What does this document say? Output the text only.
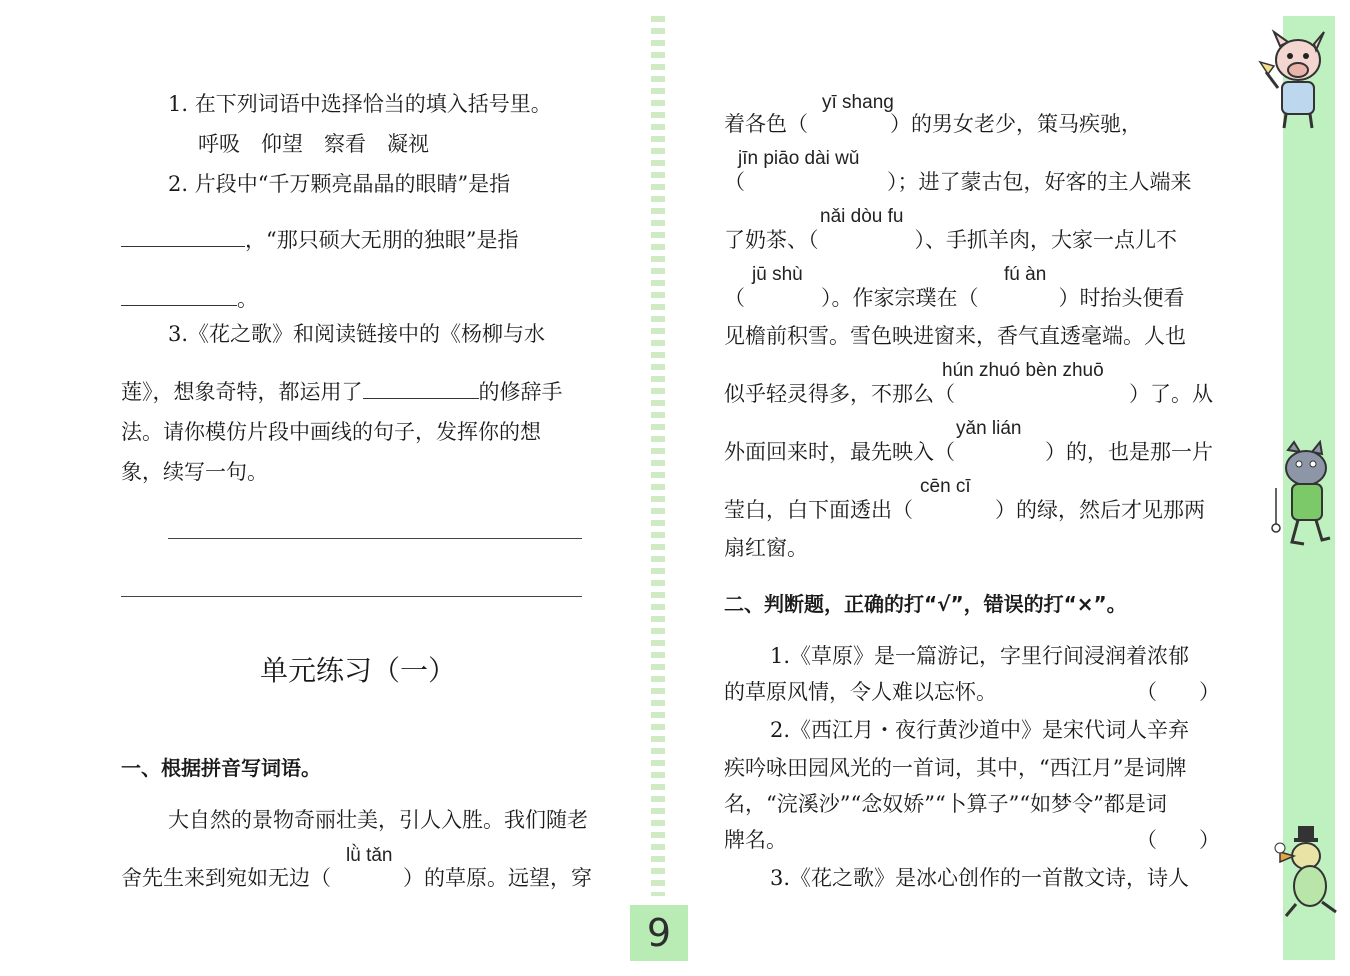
9
1. 在下列词语中选择恰当的填入括号里。
呼吸　仰望　察看　凝视
2. 片段中“千万颗亮晶晶的眼睛”是指
，“那只硕大无朋的独眼”是指
。
3.《花之歌》和阅读链接中的《杨柳与水
莲》，想象奇特，都运用了	的修辞手
法。请你模仿片段中画线的句子，发挥你的想
象，续写一句。
单元练习（一）
一、根据拼音写词语。
大自然的景物奇丽壮美，引人入胜。我们随老
lǜ tǎn
舍先生来到宛如无边（	）的草原。远望，穿
yī shang
着各色（	）的男女老少，策马疾驰，
jīn piāo dài wǔ
（	）；进了蒙古包，好客的主人端来
nǎi dòu fu
了奶茶、（	）、手抓羊肉，大家一点儿不
jū shù	fú àn
（	）。作家宗璞在（	）时抬头便看
见檐前积雪。雪色映进窗来，香气直透毫端。人也
hún zhuó bèn zhuō
似乎轻灵得多，不那么（	）了。从
yǎn lián
外面回来时，最先映入（	）的，也是那一片
cēn cī
莹白，白下面透出（	）的绿，然后才见那两
扇红窗。
二、判断题，正确的打“√”，错误的打“×”。
1.《草原》是一篇游记，字里行间浸润着浓郁
的草原风情，令人难以忘怀。	（　　）
2.《西江月・夜行黄沙道中》是宋代词人辛弃
疾吟咏田园风光的一首词，其中，“西江月”是词牌
名，“浣溪沙”“念奴娇”“卜算子”“如梦令”都是词
牌名。	（　　）
3.《花之歌》是冰心创作的一首散文诗，诗人
